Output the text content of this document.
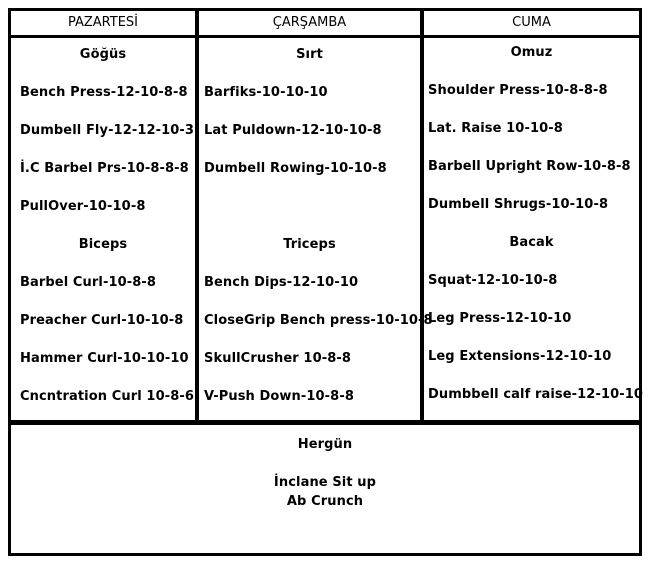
PAZARTESİ
Göğüs
Bench Press-12-10-8-8
Dumbell Fly-12-12-10-3
İ.C Barbel Prs-10-8-8-8
PullOver-10-10-8
Biceps
Barbel Curl-10-8-8
Preacher Curl-10-10-8
Hammer Curl-10-10-10
Cncntration Curl 10-8-6
ÇARŞAMBA
Sırt
Barfiks-10-10-10
Lat Puldown-12-10-10-8
Dumbell Rowing-10-10-8
Triceps
Bench Dips-12-10-10
CloseGrip Bench press-10-10-8
SkullCrusher 10-8-8
V-Push Down-10-8-8
CUMA
Omuz
Shoulder Press-10-8-8-8
Lat. Raise 10-10-8
Barbell Upright Row-10-8-8
Dumbell Shrugs-10-10-8
Bacak
Squat-12-10-10-8
Leg Press-12-10-10
Leg Extensions-12-10-10
Dumbbell calf raise-12-10-10
Hergün
İnclane Sit up
Ab Crunch
